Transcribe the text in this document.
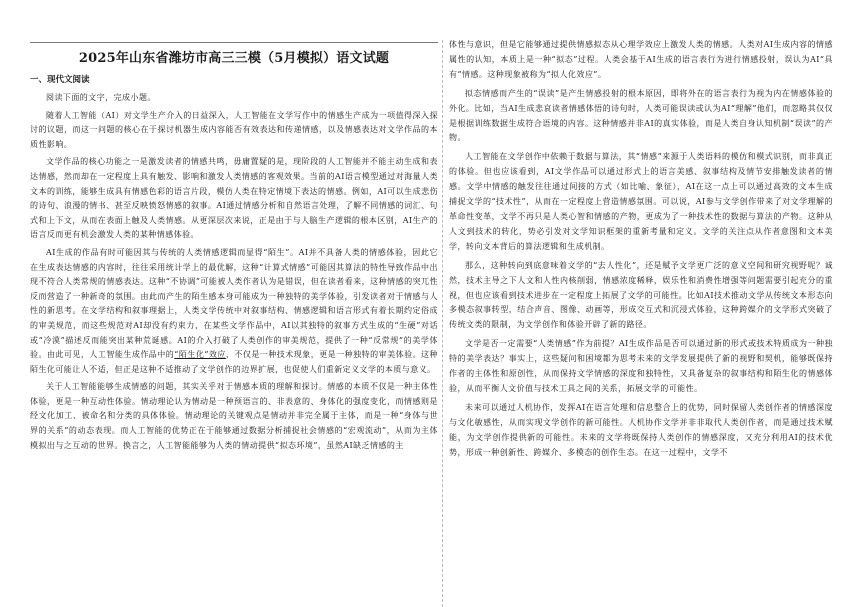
2025年山东省潍坊市高三三模（5月模拟）语文试题
一、现代文阅读

阅读下面的文字，完成小题。

随着人工智能（AI）对文学生产介入的日益深入，人工智能在文学写作中的情感生产成为一项值得深入探讨的议题，而这一问题的核心在于探讨机器生成内容能否有效表达和传递情感，以及情感表达对文学作品的本质性影响。

文学作品的核心功能之一是激发读者的情感共鸣，毋庸置疑的是，现阶段的人工智能并不能主动生成和表达情感，然而却在一定程度上具有触发、影响和激发人类情感的客观效果。当前的AI语言模型通过对海量人类文本的训练，能够生成具有情感色彩的语言片段，模仿人类在特定情境下表达的情感。例如，AI可以生成悲伤的诗句、浪漫的情书、甚至反映愤怒情感的叙事。AI通过情感分析和自然语言处理，了解不同情感的词汇、句式和上下文，从而在表面上触及人类情感。从更深层次来说，正是由于与人脑生产逻辑的根本区别，AI生产的语言反而更有机会激发人类的某种情感体验。

AI生成的作品有时可能因其与传统的人类情感逻辑而显得“陌生”。AI并不具备人类的情感体验，因此它在生成表达情感的内容时，往往采用统计学上的最优解，这种“计算式情感”可能因其算法的特性导致作品中出现不符合人类常规的情感表达。这种“不协调”可能被人类作者认为是错误，但在读者看来，这种情感的突兀性反而营造了一种新奇的氛围。由此而产生的陌生感本身可能成为一种独特的美学体验，引发读者对于情感与人性的新思考。在文学结构和叙事理据上，人类文学传统中对叙事结构、情感逻辑和语言形式有着长期约定俗成的审美规范，而这些规范对AI却没有约束力，在某些文学作品中，AI以其独特的叙事方式生成的“生硬”对话或“冷漠”描述反而能突出某种荒诞感。AI的介入打破了人类创作的审美规范，提供了一种“反常规”的美学体验。由此可见，人工智能生成作品中的“陌生化”效应，不仅是一种技术现象，更是一种独特的审美体验。这种陌生化可能让人不适，但正是这种不适推动了文学创作的边界扩展，也促使人们重新定义文学的本质与意义。

关于人工智能能够生成情感的问题，其实关乎对于情感本质的理解和探讨。情感的本质不仅是一种主体性体验，更是一种互动性体验。情动理论认为情动是一种预语言的、非表意的、身体化的强度变化，而情感则是经文化加工、被命名和分类的具体体验。情动理论的关键观点是情动并非完全属于主体，而是一种“身体与世界的关系”的动态表现。而人工智能的优势正在于能够通过数据分析捕捉社会情感的“宏观流动”，从而为主体模拟出与之互动的世界。换言之，人工智能能够为人类的情动提供“拟态环境”，虽然AI缺乏情感的主

体性与意识，但是它能够通过提供情感拟态从心理学效应上激发人类的情感。人类对AI生成内容的情感属性的认知，本质上是一种“拟态”过程。人类会基于AI生成的语言表行为进行情感投射，误认为AI“具有”情感。这种现象被称为“拟人化效应”。

拟态情感而产生的“误读”是产生情感投射的根本原因，即将外在的语言表行为视为内在情感体验的外化。比如，当AI生成悲哀读者情感体悟的诗句时，人类可能误读或认为AI“理解”他们，而忽略其仅仅是根据训练数据生成符合语境的内容。这种情感并非AI的真实体验，而是人类自身认知机制“误读”的产物。

人工智能在文学创作中依赖于数据与算法，其“情感”来源于人类语料的模仿和模式识别，而非真正的体验。但也应该看到，AI文学作品可以通过形式上的语言美感、叙事结构及情节安排触发读者的情感。文学中情感的触发往往通过间接的方式（如比喻、象征），AI在这一点上可以通过高效的文本生成捕捉文学的“技术性”，从而在一定程度上营造情感氛围。可以说，AI参与文学创作带来了对文学理解的革命性变革，文学不再只是人类心智和情感的产物，更成为了一种技术性的数据与算法的产物。这种从人文到技术的转化，势必引发对文学知识框架的重新考量和定义。文学的关注点从作者意图和文本美学，转向文本背后的算法逻辑和生成机制。

那么，这种转向到底意味着文学的“去人性化”，还是赋予文学更广泛的意义空间和研究视野呢？诚然，技术主导之下人文和人性内核削弱，情感浓度稀释，娱乐性和消费性增强等问题需要引起充分的重视，但也应该看到技术进步在一定程度上拓展了文学的可能性。比如AI技术推动文学从传统文本形态向多模态叙事转型，结合声音、图像、动画等，形成交互式和沉浸式体验，这种跨媒介的文学形式突破了传统文类的限制，为文学创作和体验开辟了新的路径。

文学是否一定需要“人类情感”作为前提？AI生成作品是否可以通过新的形式或技术特质成为一种独特的美学表达？事实上，这些疑问和困境都为思考未来的文学发展提供了新的视野和契机，能够既保持作者的主体性和原创性，从而保持文学情感的深度和独特性，又具备复杂的叙事结构和陌生化的情感体验，从而平衡人文价值与技术工具之间的关系，拓展文学的可能性。

未来可以通过人机协作，发挥AI在语言处理和信息整合上的优势，同时保留人类创作者的情感深度与文化敏感性，从而实现文学创作的新可能性。人机协作文学并非非取代人类创作者，而是通过技术赋能，为文学创作提供新的可能性。未来的文学将既保持人类创作的情感深度，又充分利用AI的技术优势，形成一种创新性、跨媒介、多模态的创作生态。在这一过程中，文学不
